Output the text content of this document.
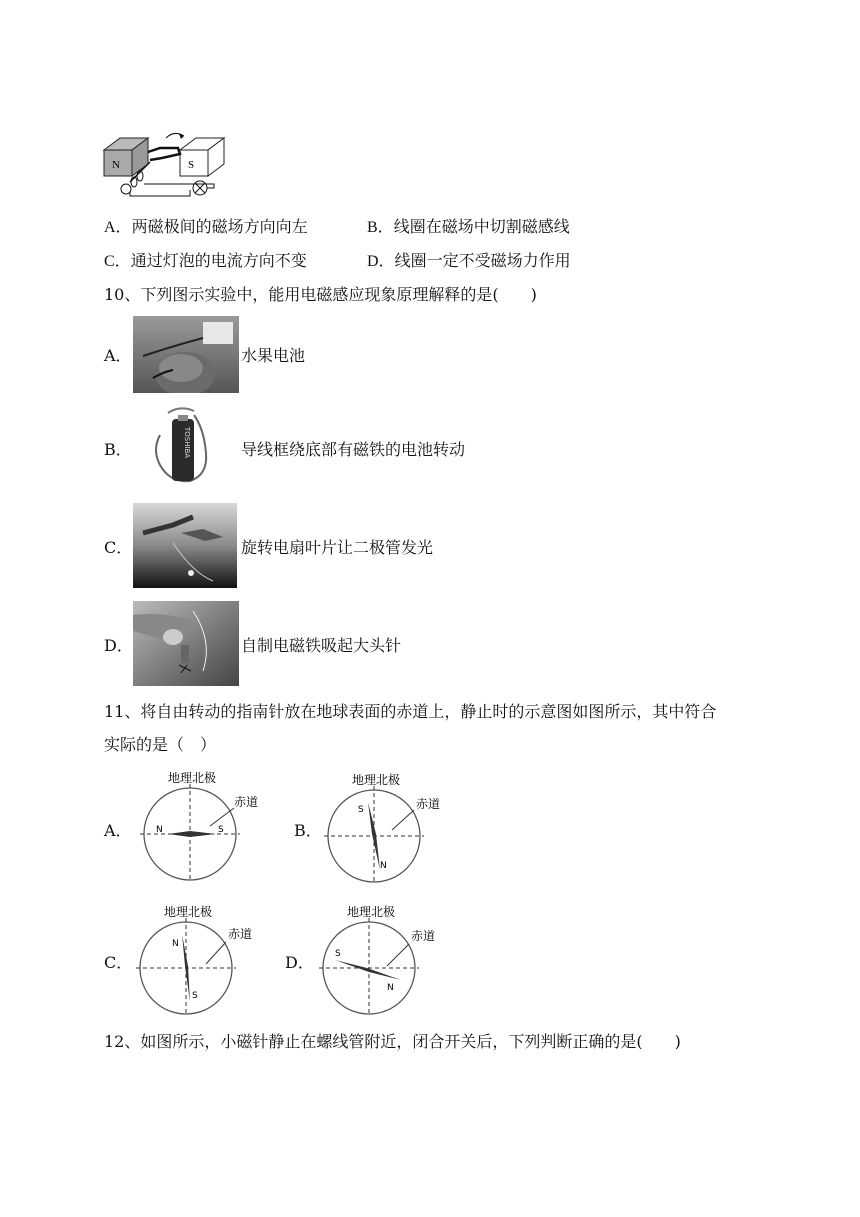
N	S
A．两磁极间的磁场方向向左	B．线圈在磁场中切割磁感线
C．通过灯泡的电流方向不变	D．线圈一定不受磁场力作用
10、下列图示实验中，能用电磁感应现象原理解释的是(　　)
A．	水果电池
B．	TOSHIBA	导线框绕底部有磁铁的电池转动
C．	旋转电扇叶片让二极管发光
D．	自制电磁铁吸起大头针
11、将自由转动的指南针放在地球表面的赤道上，静止时的示意图如图所示，其中符合
实际的是（　）
A．
地理北极
赤道
N	S	B．
地理北极
赤道
S
N
C．
地理北极
赤道
N
S
D．
地理北极
赤道
S
N
12、如图所示，小磁针静止在螺线管附近，闭合开关后，下列判断正确的是(　　)
